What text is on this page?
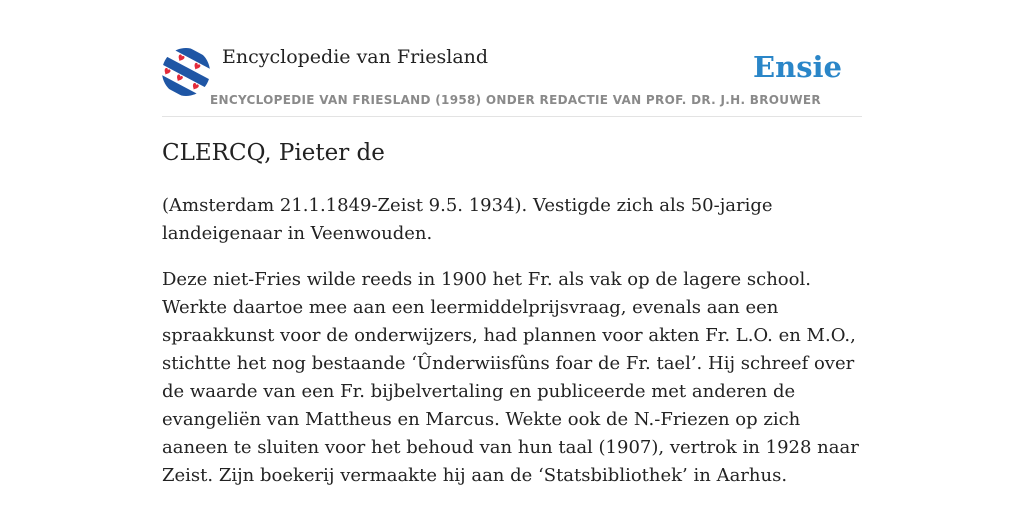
Encyclopedie van Friesland
ENCYCLOPEDIE VAN FRIESLAND (1958) ONDER REDACTIE VAN PROF. DR. J.H. BROUWER
Ensie
CLERCQ, Pieter de

(Amsterdam 21.1.1849-Zeist 9.5. 1934). Vestigde zich als 50-jarige landeigenaar in Veenwouden.

Deze niet-Fries wilde reeds in 1900 het Fr. als vak op de lagere school. Werkte daartoe mee aan een leermiddelprijsvraag, evenals aan een spraakkunst voor de onderwijzers, had plannen voor akten Fr. L.O. en M.O., stichtte het nog bestaande ‘Ûnderwiisfûns foar de Fr. tael’. Hij schreef over de waarde van een Fr. bijbelvertaling en publiceerde met anderen de evangeliën van Mattheus en Marcus. Wekte ook de N.-Friezen op zich aaneen te sluiten voor het behoud van hun taal (1907), vertrok in 1928 naar Zeist. Zijn boekerij vermaakte hij aan de ‘Statsbibliothek’ in Aarhus.
